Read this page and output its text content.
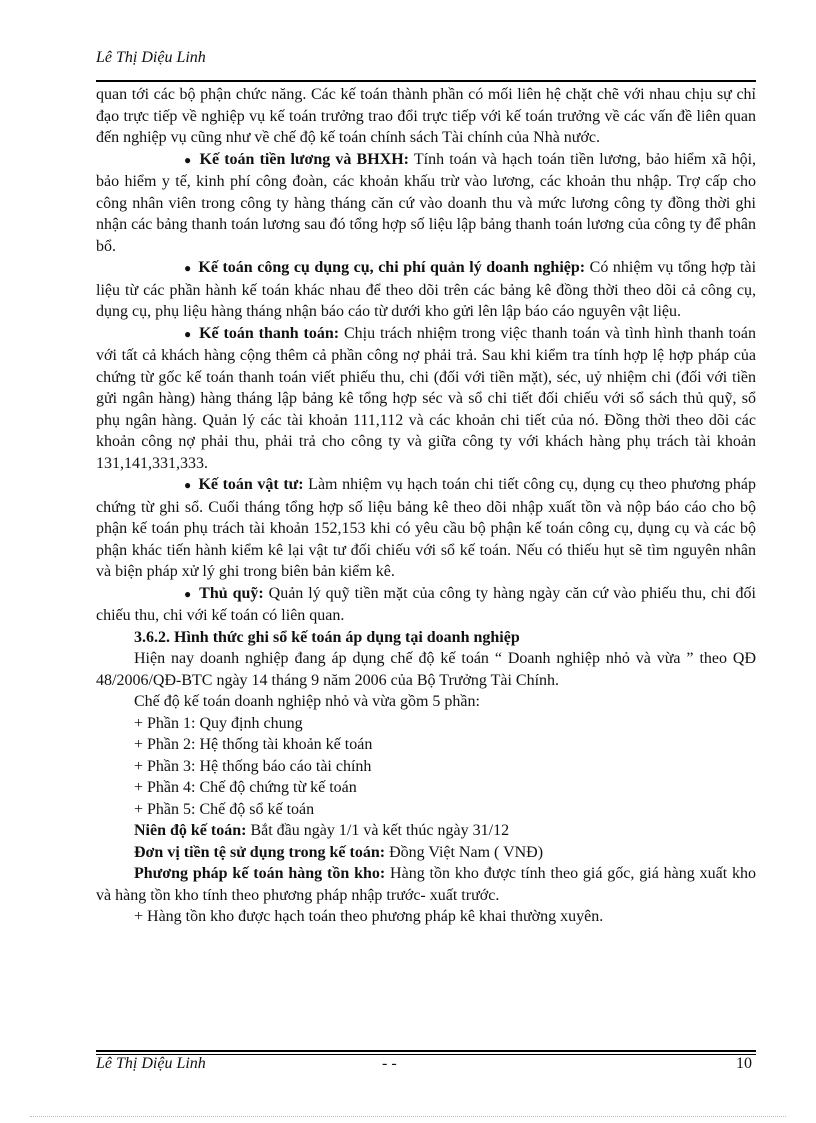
Lê Thị Diệu Linh

quan tới các bộ phận chức năng. Các kế toán thành phần có mối liên hệ chặt chẽ với nhau chịu sự chỉ đạo trực tiếp về nghiệp vụ kế toán trưởng trao đổi trực tiếp với kế toán trưởng về các vấn đề liên quan đến nghiệp vụ cũng như về chế độ kế toán chính sách Tài chính của Nhà nước.

● Kế toán tiền lương và BHXH: Tính toán và hạch toán tiền lương, bảo hiểm xã hội, bảo hiểm y tế, kinh phí công đoàn, các khoản khấu trừ vào lương, các khoản thu nhập. Trợ cấp cho công nhân viên trong công ty hàng tháng căn cứ vào doanh thu và mức lương công ty đồng thời ghi nhận các bảng thanh toán lương sau đó tổng hợp số liệu lập bảng thanh toán lương của công ty để phân bổ.

● Kế toán công cụ dụng cụ, chi phí quản lý doanh nghiệp: Có nhiệm vụ tổng hợp tài liệu từ các phần hành kế toán khác nhau để theo dõi trên các bảng kê đồng thời theo dõi cả công cụ, dụng cụ, phụ liệu hàng tháng nhận báo cáo từ dưới kho gửi lên lập báo cáo nguyên vật liệu.

● Kế toán thanh toán: Chịu trách nhiệm trong việc thanh toán và tình hình thanh toán với tất cả khách hàng cộng thêm cả phần công nợ phải trả. Sau khi kiểm tra tính hợp lệ hợp pháp của chứng từ gốc kế toán thanh toán viết phiếu thu, chi (đối với tiền mặt), séc, uỷ nhiệm chi (đối với tiền gửi ngân hàng) hàng tháng lập bảng kê tổng hợp séc và sổ chi tiết đối chiếu với sổ sách thủ quỹ, sổ phụ ngân hàng. Quản lý các tài khoản 111,112 và các khoản chi tiết của nó. Đồng thời theo dõi các khoản công nợ phải thu, phải trả cho công ty và giữa công ty với khách hàng phụ trách tài khoản 131,141,331,333.

● Kế toán vật tư: Làm nhiệm vụ hạch toán chi tiết công cụ, dụng cụ theo phương pháp chứng từ ghi sổ. Cuối tháng tổng hợp số liệu bảng kê theo dõi nhập xuất tồn và nộp báo cáo cho bộ phận kế toán phụ trách tài khoản 152,153 khi có yêu cầu bộ phận kế toán công cụ, dụng cụ và các bộ phận khác tiến hành kiểm kê lại vật tư đối chiếu với sổ kế toán. Nếu có thiếu hụt sẽ tìm nguyên nhân và biện pháp xử lý ghi trong biên bản kiểm kê.

● Thủ quỹ: Quản lý quỹ tiền mặt của công ty hàng ngày căn cứ vào phiếu thu, chi đối chiếu thu, chi với kế toán có liên quan.

3.6.2. Hình thức ghi sổ kế toán áp dụng tại doanh nghiệp

Hiện nay doanh nghiệp đang áp dụng chế độ kế toán “ Doanh nghiệp nhỏ và vừa ” theo QĐ 48/2006/QĐ-BTC ngày 14 tháng 9 năm 2006 của Bộ Trưởng Tài Chính.

Chế độ kế toán doanh nghiệp nhỏ và vừa gồm 5 phần:

+ Phần 1: Quy định chung

+ Phần 2: Hệ thống tài khoản kế toán

+ Phần 3: Hệ thống báo cáo tài chính

+ Phần 4: Chế độ chứng từ kế toán

+ Phần 5: Chế độ sổ kế toán

Niên độ kế toán: Bắt đầu ngày 1/1 và kết thúc ngày 31/12

Đơn vị tiền tệ sử dụng trong kế toán: Đồng Việt Nam ( VNĐ)

Phương pháp kế toán hàng tồn kho: Hàng tồn kho được tính theo giá gốc, giá hàng xuất kho và hàng tồn kho tính theo phương pháp nhập trước- xuất trước.

+ Hàng tồn kho được hạch toán theo phương pháp kê khai thường xuyên.

Lê Thị Diệu Linh	- -	10
